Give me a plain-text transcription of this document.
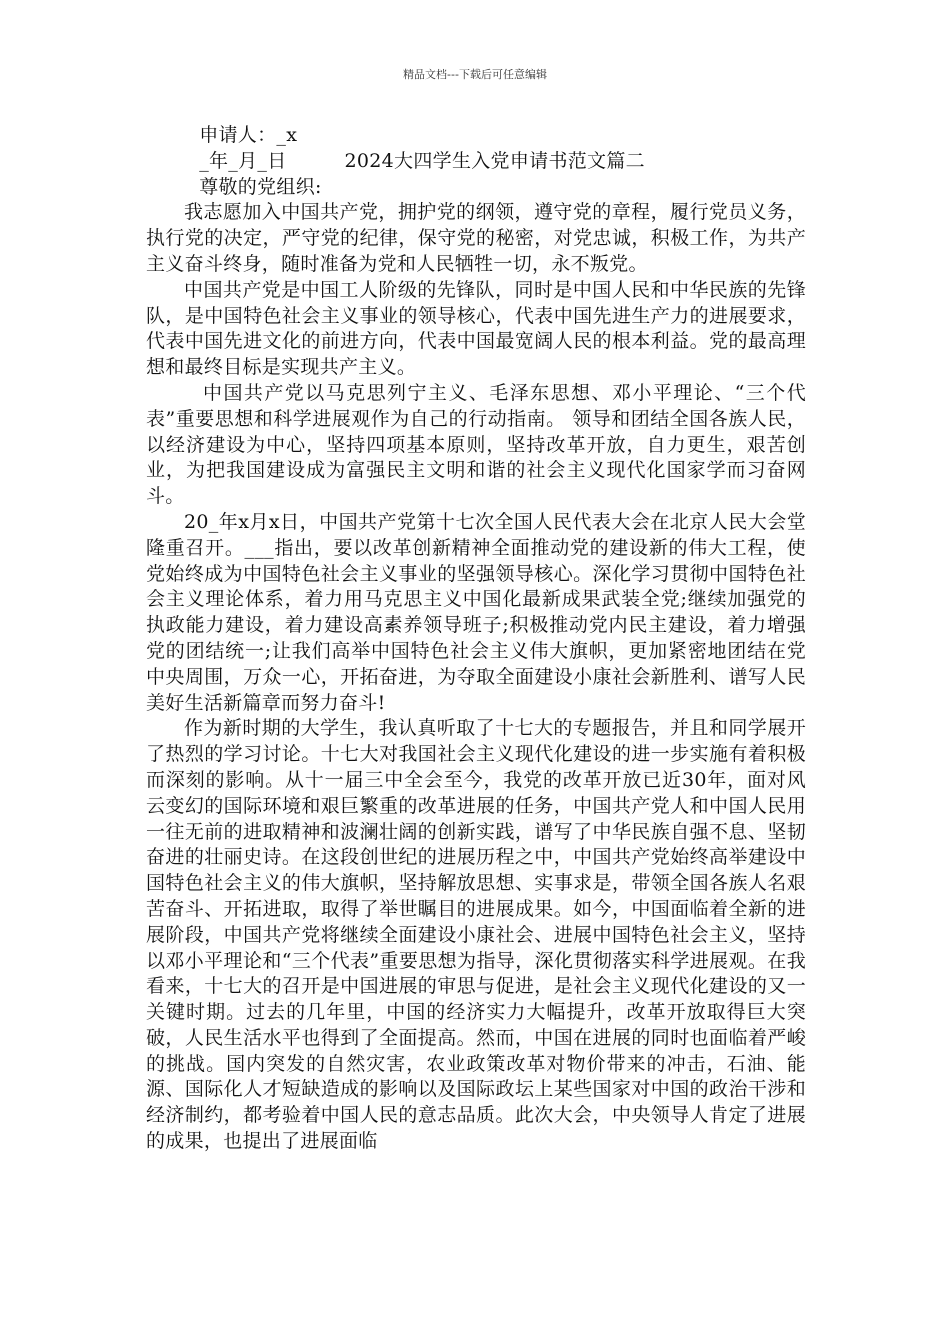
精品文档---下载后可任意编辑

申请人：_x

_年_月_日	2024大四学生入党申请书范文篇二

尊敬的党组织:

我志愿加入中国共产党，拥护党的纲领，遵守党的章程，履行党员义务，执行党的决定，严守党的纪律，保守党的秘密，对党忠诚，积极工作，为共产主义奋斗终身，随时准备为党和人民牺牲一切，永不叛党。

中国共产党是中国工人阶级的先锋队，同时是中国人民和中华民族的先锋队，是中国特色社会主义事业的领导核心，代表中国先进生产力的进展要求，代表中国先进文化的前进方向，代表中国最宽阔人民的根本利益。党的最高理想和最终目标是实现共产主义。

中国共产党以马克思列宁主义、毛泽东思想、邓小平理论、“三个代表”重要思想和科学进展观作为自己的行动指南。 领导和团结全国各族人民，以经济建设为中心，坚持四项基本原则，坚持改革开放，自力更生，艰苦创业，为把我国建设成为富强民主文明和谐的社会主义现代化国家学而习奋网斗。

20_年x月x日，中国共产党第十七次全国人民代表大会在北京人民大会堂隆重召开。___指出，要以改革创新精神全面推动党的建设新的伟大工程，使党始终成为中国特色社会主义事业的坚强领导核心。深化学习贯彻中国特色社会主义理论体系，着力用马克思主义中国化最新成果武装全党;继续加强党的执政能力建设，着力建设高素养领导班子;积极推动党内民主建设，着力增强党的团结统一;让我们高举中国特色社会主义伟大旗帜，更加紧密地团结在党中央周围，万众一心，开拓奋进，为夺取全面建设小康社会新胜利、谱写人民美好生活新篇章而努力奋斗!

作为新时期的大学生，我认真听取了十七大的专题报告，并且和同学展开了热烈的学习讨论。十七大对我国社会主义现代化建设的进一步实施有着积极而深刻的影响。从十一届三中全会至今，我党的改革开放已近30年，面对风云变幻的国际环境和艰巨繁重的改革进展的任务，中国共产党人和中国人民用一往无前的进取精神和波澜壮阔的创新实践，谱写了中华民族自强不息、坚韧奋进的壮丽史诗。在这段创世纪的进展历程之中，中国共产党始终高举建设中国特色社会主义的伟大旗帜，坚持解放思想、实事求是，带领全国各族人名艰苦奋斗、开拓进取，取得了举世瞩目的进展成果。如今，中国面临着全新的进展阶段，中国共产党将继续全面建设小康社会、进展中国特色社会主义，坚持以邓小平理论和“三个代表”重要思想为指导，深化贯彻落实科学进展观。在我看来，十七大的召开是中国进展的审思与促进，是社会主义现代化建设的又一关键时期。过去的几年里，中国的经济实力大幅提升，改革开放取得巨大突破，人民生活水平也得到了全面提高。然而，中国在进展的同时也面临着严峻的挑战。国内突发的自然灾害，农业政策改革对物价带来的冲击，石油、能源、国际化人才短缺造成的影响以及国际政坛上某些国家对中国的政治干涉和经济制约，都考验着中国人民的意志品质。此次大会，中央领导人肯定了进展的成果，也提出了进展面临
